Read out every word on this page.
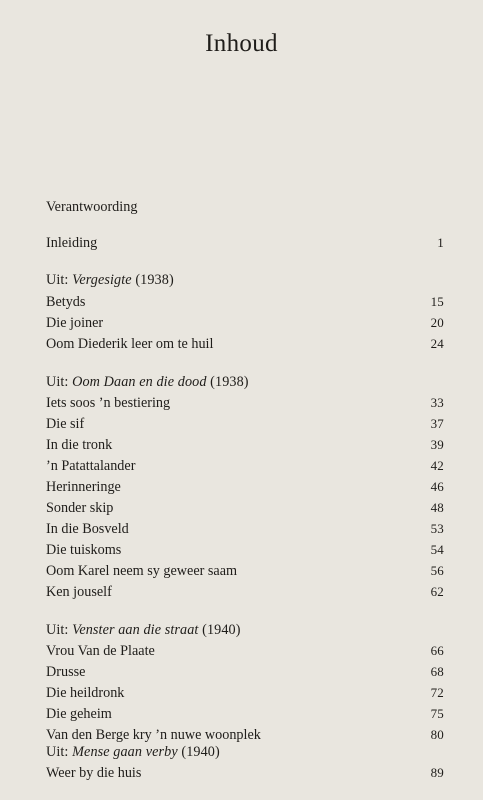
Inhoud
Verantwoording
Inleiding	1
Uit: Vergesigte (1938)
Betyds	15
Die joiner	20
Oom Diederik leer om te huil	24
Uit: Oom Daan en die dood (1938)
Iets soos ’n bestiering	33
Die sif	37
In die tronk	39
’n Patattalander	42
Herinneringe	46
Sonder skip	48
In die Bosveld	53
Die tuiskoms	54
Oom Karel neem sy geweer saam	56
Ken jouself	62
Uit: Venster aan die straat (1940)
Vrou Van de Plaate	66
Drusse	68
Die heildronk	72
Die geheim	75
Van den Berge kry ’n nuwe woonplek	80
Uit: Mense gaan verby (1940)
Weer by die huis	89
